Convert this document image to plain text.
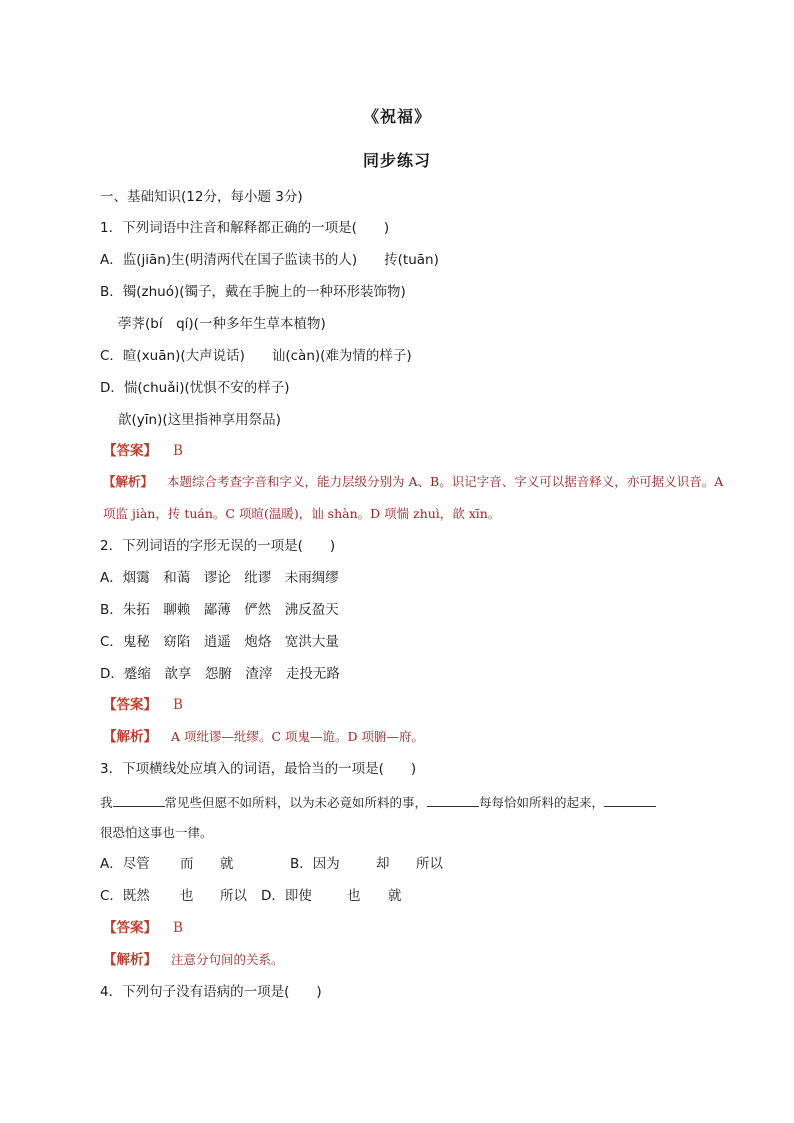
《祝福》
同步练习
一、基础知识(12分，每小题 3分)
1．下列词语中注音和解释都正确的一项是(　　)
A．监(jiān)生(明清两代在国子监读书的人)　　抟(tuān)
B．镯(zhuó)(镯子，戴在手腕上的一种环形装饰物)
荸荠(bí　qí)(一种多年生草本植物)
C．暄(xuān)(大声说话)　　讪(càn)(难为情的样子)
D．惴(chuǎi)(忧惧不安的样子)
歆(yīn)(这里指神享用祭品)
【答案】 B
【解析】 本题综合考查字音和字义，能力层级分别为 A、B。识记字音、字义可以据音释义，亦可据义识音。A 项监 jiàn，抟 tuán。C 项暄(温暖)，讪 shàn。D 项惴 zhuì，歆 xīn。
2．下列词语的字形无误的一项是(　　)
A．烟霭　和蔼　谬论　纰谬　未雨绸缪
B．朱拓　聊赖　鄙薄　俨然　沸反盈天
C．鬼秘　窈陷　逍遥　炮烙　宽洪大量
D．蹙缩　歆享　怨腑　渣滓　走投无路
【答案】 B
【解析】 A 项纰谬—纰缪。C 项鬼—诡。D 项腑—府。
3．下项横线处应填入的词语，最恰当的一项是(　　)
我	常见些但愿不如所料，以为未必竟如所料的事，	每每恰如所料的起来，
很恐怕这事也一律。
A．尽管 而 就	B．因为	却 所以
C．既然 也 所以 D．即使	也 就
【答案】 B
【解析】 注意分句间的关系。
4．下列句子没有语病的一项是(　　)
